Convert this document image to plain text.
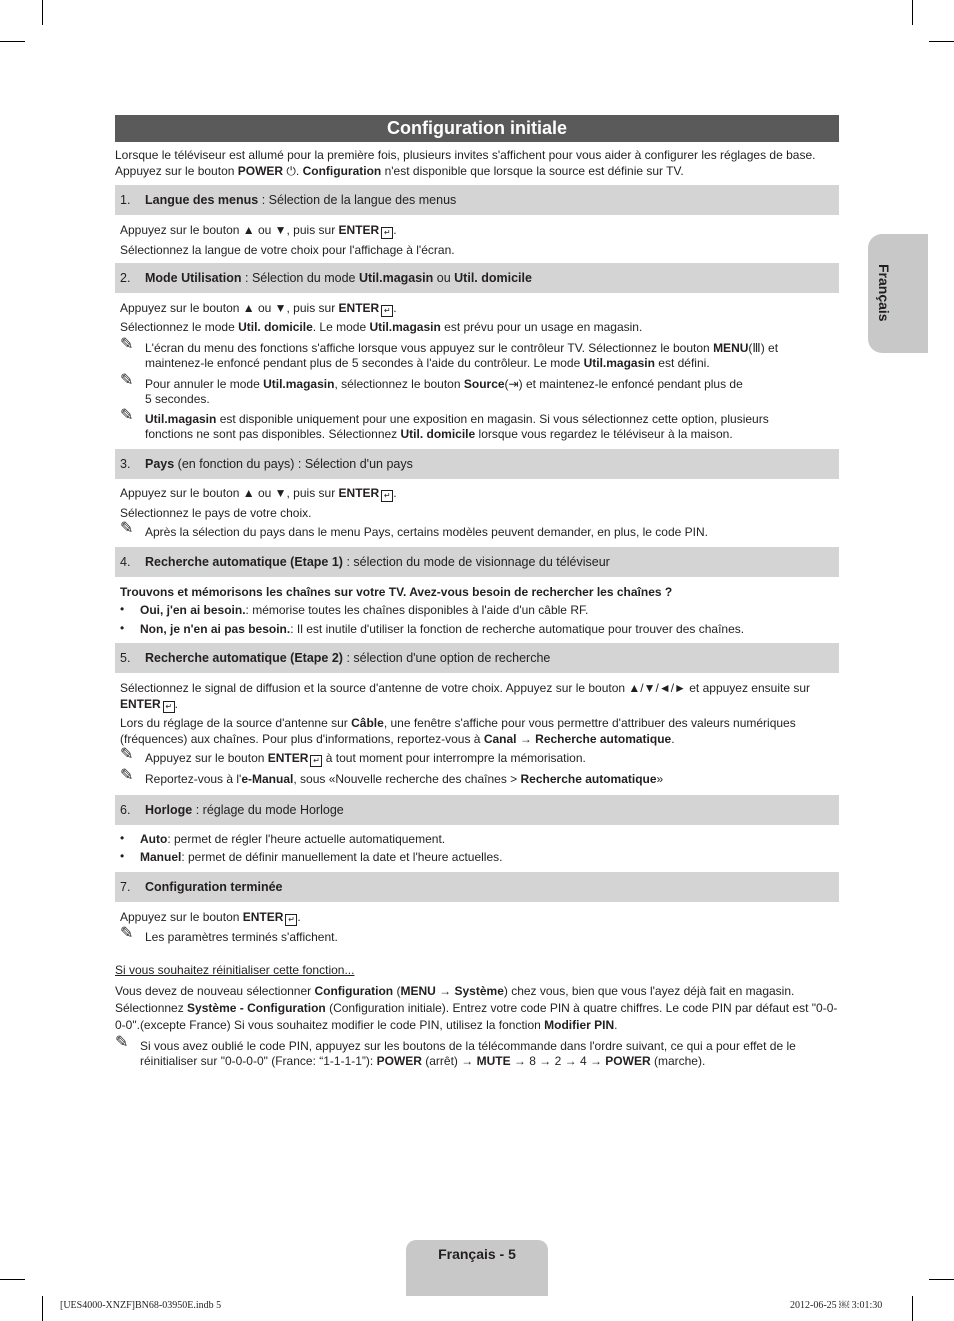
Configuration initiale
Français
Lorsque le téléviseur est allumé pour la première fois, plusieurs invites s'affichent pour vous aider à configurer les réglages de base.
Appuyez sur le bouton POWER ⏻. Configuration n'est disponible que lorsque la source est définie sur TV.
1. Langue des menus : Sélection de la langue des menus
Appuyez sur le bouton ▲ ou ▼, puis sur ENTER ↵ .
Sélectionnez la langue de votre choix pour l'affichage à l'écran.
2. Mode Utilisation : Sélection du mode Util.magasin ou Util. domicile
Appuyez sur le bouton ▲ ou ▼, puis sur ENTER ↵ .
Sélectionnez le mode Util. domicile. Le mode Util.magasin est prévu pour un usage en magasin.
✎ L'écran du menu des fonctions s'affiche lorsque vous appuyez sur le contrôleur TV. Sélectionnez le bouton MENU(Ⅲ) et
maintenez-le enfoncé pendant plus de 5 secondes à l'aide du contrôleur. Le mode Util.magasin est défini.
✎ Pour annuler le mode Util.magasin, sélectionnez le bouton Source(⇥) et maintenez-le enfoncé pendant plus de
5 secondes.
✎ Util.magasin est disponible uniquement pour une exposition en magasin. Si vous sélectionnez cette option, plusieurs
fonctions ne sont pas disponibles. Sélectionnez Util. domicile lorsque vous regardez le téléviseur à la maison.
3. Pays (en fonction du pays) : Sélection d'un pays
Appuyez sur le bouton ▲ ou ▼, puis sur ENTER ↵ .
Sélectionnez le pays de votre choix.
✎ Après la sélection du pays dans le menu Pays, certains modèles peuvent demander, en plus, le code PIN.
4. Recherche automatique (Etape 1) : sélection du mode de visionnage du téléviseur
Trouvons et mémorisons les chaînes sur votre TV. Avez-vous besoin de rechercher les chaînes ?
• Oui, j'en ai besoin.: mémorise toutes les chaînes disponibles à l'aide d'un câble RF.
• Non, je n'en ai pas besoin.: Il est inutile d'utiliser la fonction de recherche automatique pour trouver des chaînes.
5. Recherche automatique (Etape 2) : sélection d'une option de recherche
Sélectionnez le signal de diffusion et la source d'antenne de votre choix. Appuyez sur le bouton ▲/▼/◄/► et appuyez ensuite sur
ENTER ↵ .
Lors du réglage de la source d'antenne sur Câble, une fenêtre s'affiche pour vous permettre d'attribuer des valeurs numériques
(fréquences) aux chaînes. Pour plus d'informations, reportez-vous à Canal → Recherche automatique.
✎ Appuyez sur le bouton ENTER ↵ à tout moment pour interrompre la mémorisation.
✎ Reportez-vous à l'e-Manual, sous «Nouvelle recherche des chaînes > Recherche automatique»
6. Horloge : réglage du mode Horloge
• Auto: permet de régler l'heure actuelle automatiquement.
• Manuel: permet de définir manuellement la date et l'heure actuelles.
7. Configuration terminée
Appuyez sur le bouton ENTER ↵ .
✎ Les paramètres terminés s'affichent.
Si vous souhaitez réinitialiser cette fonction...
Vous devez de nouveau sélectionner Configuration (MENU → Système) chez vous, bien que vous l'ayez déjà fait en magasin.
Sélectionnez Système - Configuration (Configuration initiale). Entrez votre code PIN à quatre chiffres. Le code PIN par défaut est "0-0-
0-0".(excepte France) Si vous souhaitez modifier le code PIN, utilisez la fonction Modifier PIN.
✎ Si vous avez oublié le code PIN, appuyez sur les boutons de la télécommande dans l'ordre suivant, ce qui a pour effet de le
réinitialiser sur "0-0-0-0" (France: “1-1-1-1”): POWER (arrêt) → MUTE → 8 → 2 → 4 → POWER (marche).
Français - 5
[UES4000-XNZF]BN68-03950E.indb 5	2012-06-25 ￼ 3:01:30
